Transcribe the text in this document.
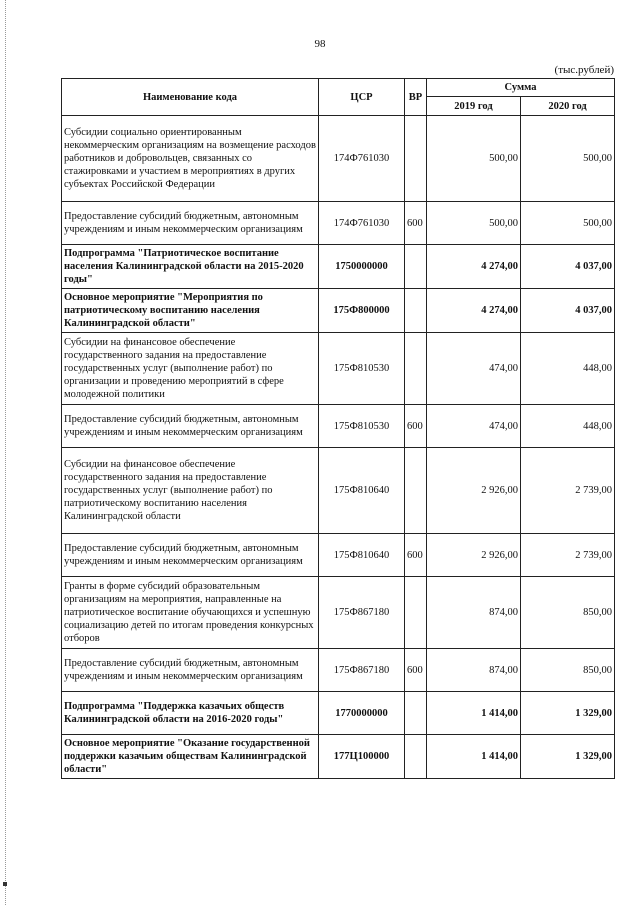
98
(тыс.рублей)
Наименование кода	ЦСР	ВР	Сумма	
			2019 год	2020 год
Субсидии социально ориентированным некоммерческим организациям на возмещение расходов работников и добровольцев, связанных со стажировками и участием в мероприятиях в других субъектах Российской Федерации	174Ф761030		500,00	500,00
Предоставление субсидий бюджетным, автономным учреждениям и иным некоммерческим организациям	174Ф761030	600	500,00	500,00
Подпрограмма "Патриотическое воспитание населения Калининградской области на 2015-2020 годы"	1750000000		4 274,00	4 037,00
Основное мероприятие "Мероприятия по патриотическому воспитанию населения Калининградской области"	175Ф800000		4 274,00	4 037,00
Субсидии на финансовое обеспечение государственного задания на предоставление государственных услуг (выполнение работ) по организации и проведению мероприятий в сфере молодежной политики	175Ф810530		474,00	448,00
Предоставление субсидий бюджетным, автономным учреждениям и иным некоммерческим организациям	175Ф810530	600	474,00	448,00
Субсидии на финансовое обеспечение государственного задания на предоставление государственных услуг (выполнение работ) по патриотическому воспитанию населения Калининградской области	175Ф810640		2 926,00	2 739,00
Предоставление субсидий бюджетным, автономным учреждениям и иным некоммерческим организациям	175Ф810640	600	2 926,00	2 739,00
Гранты в форме субсидий образовательным организациям на мероприятия, направленные на патриотическое воспитание обучающихся и успешную социализацию детей по итогам проведения конкурсных отборов	175Ф867180		874,00	850,00
Предоставление субсидий бюджетным, автономным учреждениям и иным некоммерческим организациям	175Ф867180	600	874,00	850,00
Подпрограмма "Поддержка казачьих обществ Калининградской области на 2016-2020 годы"	1770000000		1 414,00	1 329,00
Основное мероприятие "Оказание государственной поддержки казачьим обществам Калининградской области"	177Ц100000		1 414,00	1 329,00
